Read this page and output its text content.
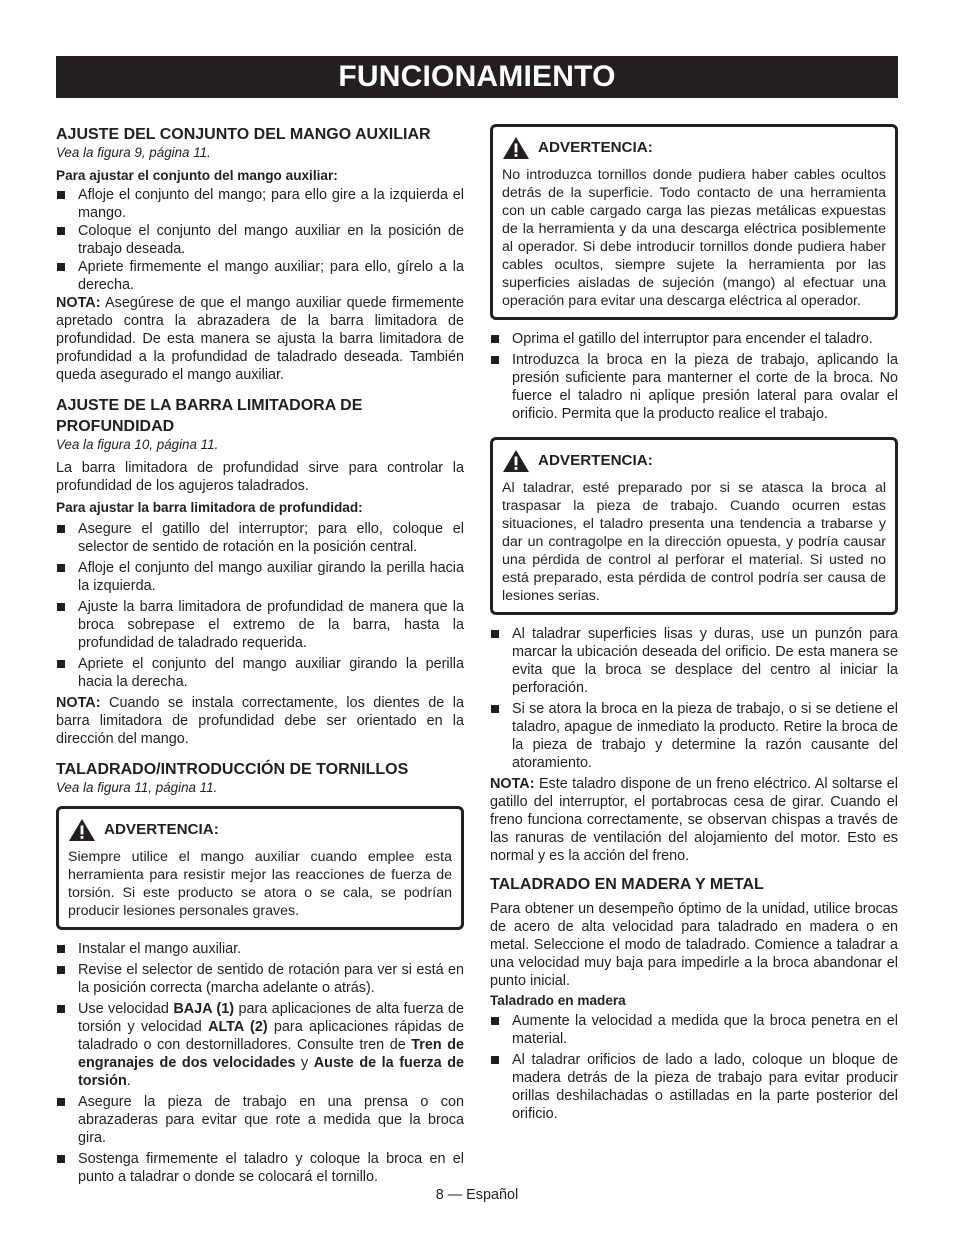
FUNCIONAMIENTO
AJUSTE DEL CONJUNTO DEL MANGO AUXILIAR

Vea la figura 9, página 11.

Para ajustar el conjunto del mango auxiliar:

Afloje el conjunto del mango; para ello gire a la izquierda el mango.
Coloque el conjunto del mango auxiliar en la posición de trabajo deseada.
Apriete firmemente el mango auxiliar; para ello, gírelo a la derecha.

NOTA: Asegúrese de que el mango auxiliar quede firmemente apretado contra la abrazadera de la barra limitadora de profundidad. De esta manera se ajusta la barra limitadora de profundidad a la profundidad de taladrado deseada. También queda asegurado el mango auxiliar.

AJUSTE DE LA BARRA LIMITADORA DE PROFUNDIDAD

Vea la figura 10, página 11.

La barra limitadora de profundidad sirve para controlar la profundidad de los agujeros taladrados.

Para ajustar la barra limitadora de profundidad:

Asegure el gatillo del interruptor; para ello, coloque el selector de sentido de rotación en la posición central.
Afloje el conjunto del mango auxiliar girando la perilla hacia la izquierda.
Ajuste la barra limitadora de profundidad de manera que la broca sobrepase el extremo de la barra, hasta la profundidad de taladrado requerida.
Apriete el conjunto del mango auxiliar girando la perilla hacia la derecha.

NOTA: Cuando se instala correctamente, los dientes de la barra limitadora de profundidad debe ser orientado en la dirección del mango.

TALADRADO/INTRODUCCIÓN DE TORNILLOS

Vea la figura 11, página 11.

ADVERTENCIA:

Siempre utilice el mango auxiliar cuando emplee esta herramienta para resistir mejor las reacciones de fuerza de torsión. Si este producto se atora o se cala, se podrían producir lesiones personales graves.

Instalar el mango auxiliar.
Revise el selector de sentido de rotación para ver si está en la posición correcta (marcha adelante o atrás).
Use velocidad BAJA (1) para aplicaciones de alta fuerza de torsión y velocidad ALTA (2) para aplicaciones rápidas de taladrado o con destornilladores. Consulte tren de Tren de engranajes de dos velocidades y Auste de la fuerza de torsión.
Asegure la pieza de trabajo en una prensa o con abrazaderas para evitar que rote a medida que la broca gira.
Sostenga firmemente el taladro y coloque la broca en el punto a taladrar o donde se colocará el tornillo.
ADVERTENCIA:

No introduzca tornillos donde pudiera haber cables ocultos detrás de la superficie. Todo contacto de una herramienta con un cable cargado carga las piezas metálicas expuestas de la herramienta y da una descarga eléctrica posiblemente al operador. Si debe introducir tornillos donde pudiera haber cables ocultos, siempre sujete la herramienta por las superficies aisladas de sujeción (mango) al efectuar una operación para evitar una descarga eléctrica al operador.

Oprima el gatillo del interruptor para encender el taladro.
Introduzca la broca en la pieza de trabajo, aplicando la presión suficiente para manterner el corte de la broca. No fuerce el taladro ni aplique presión lateral para ovalar el orificio. Permita que la producto realice el trabajo.
ADVERTENCIA:

Al taladrar, esté preparado por si se atasca la broca al traspasar la pieza de trabajo. Cuando ocurren estas situaciones, el taladro presenta una tendencia a trabarse y dar un contragolpe en la dirección opuesta, y podría causar una pérdida de control al perforar el material. Si usted no está preparado, esta pérdida de control podría ser causa de lesiones serias.

Al taladrar superficies lisas y duras, use un punzón para marcar la ubicación deseada del orificio. De esta manera se evita que la broca se desplace del centro al iniciar la perforación.
Si se atora la broca en la pieza de trabajo, o si se detiene el taladro, apague de inmediato la producto. Retire la broca de la pieza de trabajo y determine la razón causante del atoramiento.

NOTA: Este taladro dispone de un freno eléctrico. Al soltarse el gatillo del interruptor, el portabrocas cesa de girar. Cuando el freno funciona correctamente, se observan chispas a través de las ranuras de ventilación del alojamiento del motor. Esto es normal y es la acción del freno.

TALADRADO EN MADERA Y METAL

Para obtener un desempeño óptimo de la unidad, utilice brocas de acero de alta velocidad para taladrado en madera o en metal. Seleccione el modo de taladrado. Comience a taladrar a una velocidad muy baja para impedirle a la broca abandonar el punto inicial.

Taladrado en madera

Aumente la velocidad a medida que la broca penetra en el material.
Al taladrar orificios de lado a lado, coloque un bloque de madera detrás de la pieza de trabajo para evitar producir orillas deshilachadas o astilladas en la parte posterior del orificio.
8 — Español
